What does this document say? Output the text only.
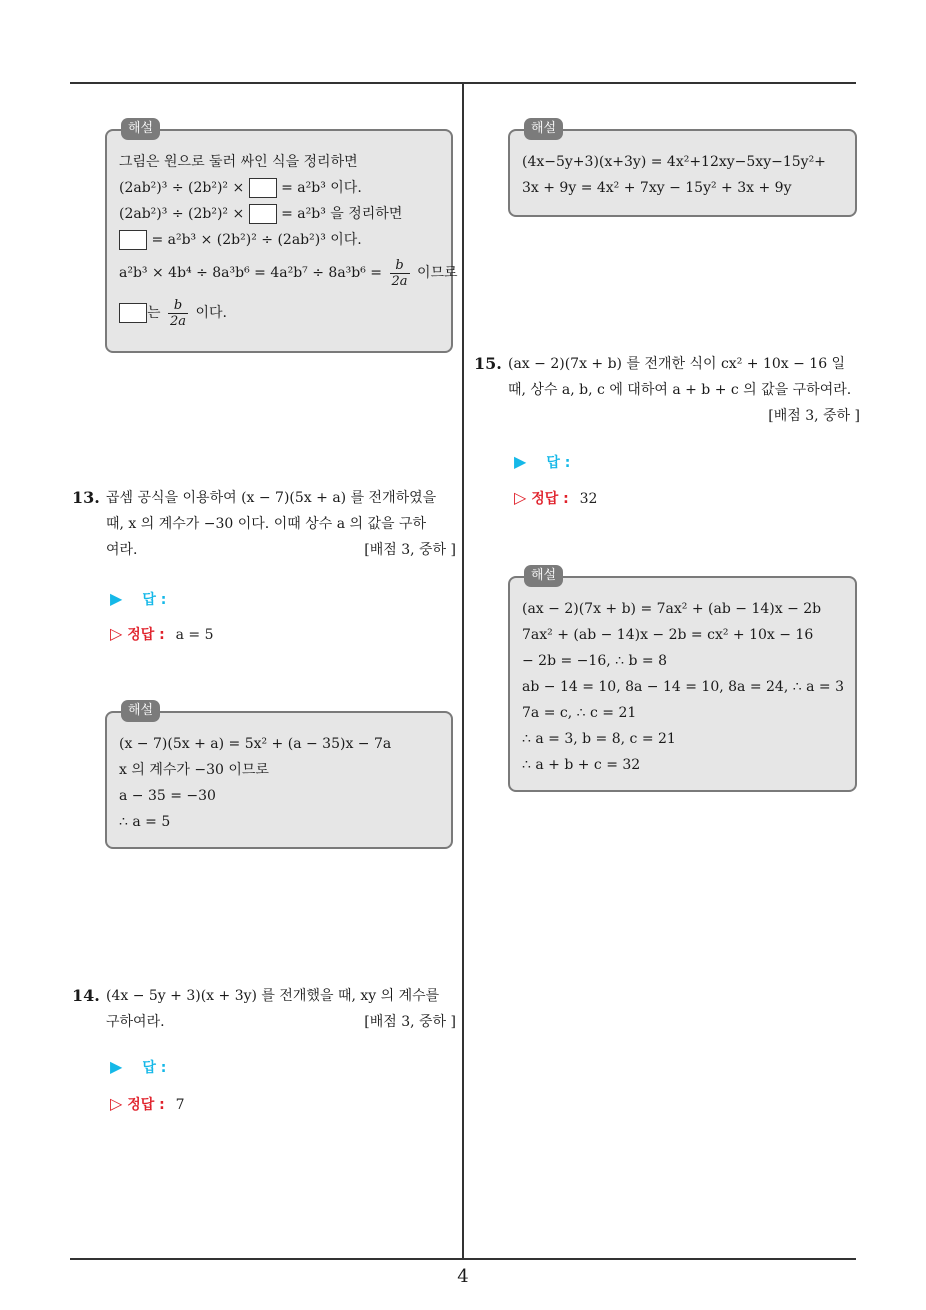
해설
그림은 원으로 둘러 싸인 식을 정리하면
(2ab²)³ ÷ (2b²)² ×	= a²b³ 이다.
(2ab²)³ ÷ (2b²)² ×	= a²b³ 을 정리하면
= a²b³ × (2b²)² ÷ (2ab²)³ 이다.
$a^2b^3 \times 4b^4 \div 8a^3b^6 = 4a^2b^7 \div 8a^3b^6 = \frac{b}{2a}$ 이므로
는 $\frac{b}{2a}$ 이다.
13. 곱셈 공식을 이용하여 (x − 7)(5x + a) 를 전개하였을
때, x 의 계수가 −30 이다. 이때 상수 a 의 값을 구하
여라.	[배점 3, 중하 ]
▶ 답 :
▷ 정답 : a = 5
해설
(x − 7)(5x + a) = 5x² + (a − 35)x − 7a
x 의 계수가 −30 이므로
a − 35 = −30
∴ a = 5
14. (4x − 5y + 3)(x + 3y) 를 전개했을 때, xy 의 계수를
구하여라.	[배점 3, 중하 ]
▶ 답 :
▷ 정답 : 7
해설
(4x−5y+3)(x+3y) = 4x²+12xy−5xy−15y²+
3x + 9y = 4x² + 7xy − 15y² + 3x + 9y
15. (ax − 2)(7x + b) 를 전개한 식이 cx² + 10x − 16 일
때, 상수 a, b, c 에 대하여 a + b + c 의 값을 구하여라.
[배점 3, 중하 ]
▶ 답 :
▷ 정답 : 32
해설
(ax − 2)(7x + b) = 7ax² + (ab − 14)x − 2b
7ax² + (ab − 14)x − 2b = cx² + 10x − 16
− 2b = −16, ∴ b = 8
ab − 14 = 10, 8a − 14 = 10, 8a = 24, ∴ a = 3
7a = c, ∴ c = 21
∴ a = 3, b = 8, c = 21
∴ a + b + c = 32
4
